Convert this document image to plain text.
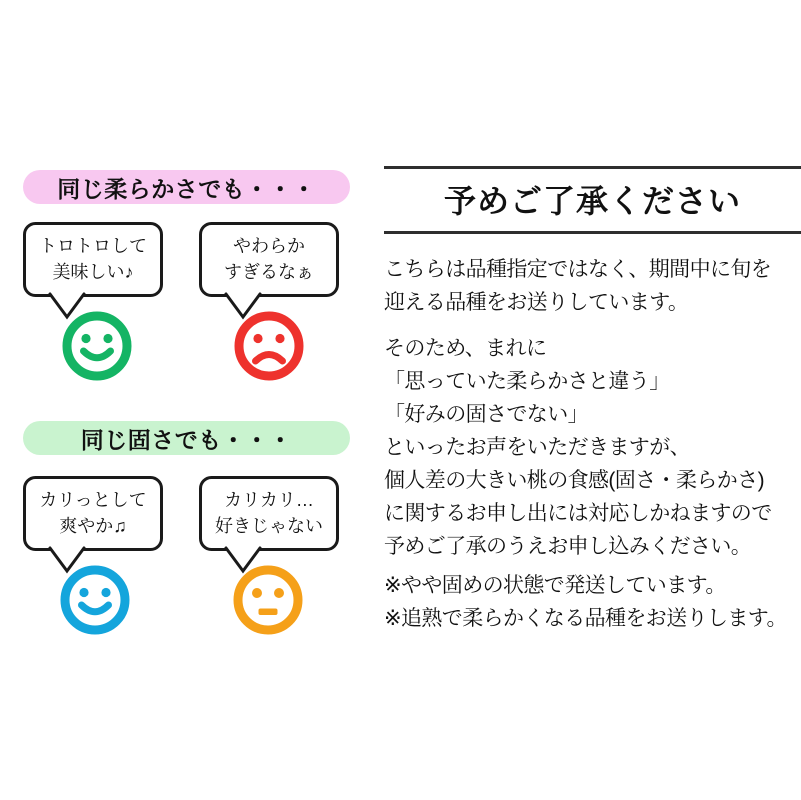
同じ柔らかさでも・・・
トロトロして
美味しい♪
やわらか
すぎるなぁ
同じ固さでも・・・
カリっとして
爽やか♫
カリカリ…
好きじゃない
予めご了承ください
こちらは品種指定ではなく、期間中に旬を
迎える品種をお送りしています。
そのため、まれに
「思っていた柔らかさと違う」
「好みの固さでない」
といったお声をいただきますが、
個人差の大きい桃の食感(固さ・柔らかさ)
に関するお申し出には対応しかねますので
予めご了承のうえお申し込みください。
※やや固めの状態で発送しています。
※追熟で柔らかくなる品種をお送りします。
